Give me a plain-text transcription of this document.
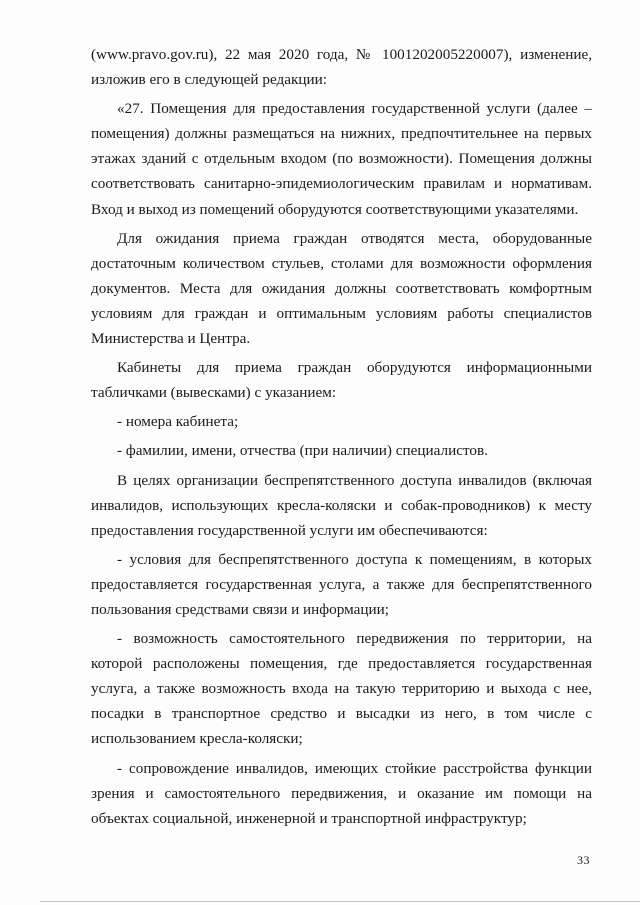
(www.pravo.gov.ru), 22 мая 2020 года, № 1001202005220007), изменение, изложив его в следующей редакции:

«27. Помещения для предоставления государственной услуги (далее – помещения) должны размещаться на нижних, предпочтительнее на первых этажах зданий с отдельным входом (по возможности). Помещения должны соответствовать санитарно-эпидемиологическим правилам и нормативам. Вход и выход из помещений оборудуются соответствующими указателями.

Для ожидания приема граждан отводятся места, оборудованные достаточным количеством стульев, столами для возможности оформления документов. Места для ожидания должны соответствовать комфортным условиям для граждан и оптимальным условиям работы специалистов Министерства и Центра.

Кабинеты для приема граждан оборудуются информационными табличками (вывесками) с указанием:

- номера кабинета;

- фамилии, имени, отчества (при наличии) специалистов.

В целях организации беспрепятственного доступа инвалидов (включая инвалидов, использующих кресла-коляски и собак-проводников) к месту предоставления государственной услуги им обеспечиваются:

- условия для беспрепятственного доступа к помещениям, в которых предоставляется государственная услуга, а также для беспрепятственного пользования средствами связи и информации;

- возможность самостоятельного передвижения по территории, на которой расположены помещения, где предоставляется государственная услуга, а также возможность входа на такую территорию и выхода с нее, посадки в транспортное средство и высадки из него, в том числе с использованием кресла-коляски;

- сопровождение инвалидов, имеющих стойкие расстройства функции зрения и самостоятельного передвижения, и оказание им помощи на объектах социальной, инженерной и транспортной инфраструктур;

33
